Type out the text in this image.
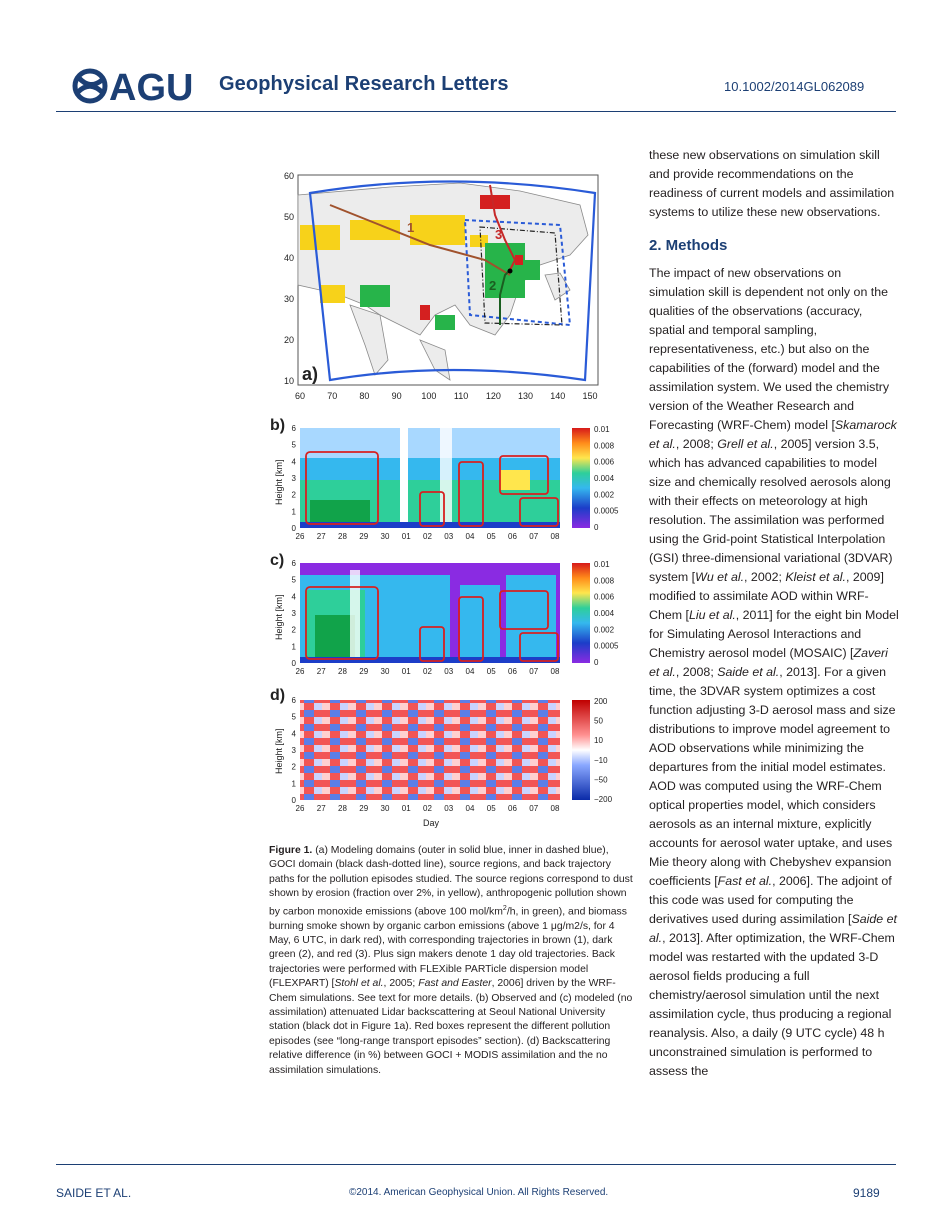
AGU Geophysical Research Letters	10.1002/2014GL062089
1
2
3
a)
60
50
40
30
20
10
60 70 80 90 100 110 120 130 140 150
b)
Height [km]
6
5
4
3
2
1
0
26 27 28 29 30 01 02 03 04 05 06 07 08
0.01
0.008
0.006
0.004
0.002
0.0005
0
c)
Height [km]
6
5
4
3
2
1
0
26 27 28 29 30 01 02 03 04 05 06 07 08
0.01
0.008
0.006
0.004
0.002
0.0005
0
d)
Height [km]
6
5
4
3
2
1
0
26 27 28 29 30 01 02 03 04 05 06 07 08
200
50
10
−10
−50
−200
Day
Figure 1. (a) Modeling domains (outer in solid blue, inner in dashed blue), GOCI domain (black dash-dotted line), source regions, and back trajectory paths for the pollution episodes studied. The source regions correspond to dust shown by erosion (fraction over 2%, in yellow), anthropogenic pollution shown by carbon monoxide emissions (above 100 mol/$km^2/h$, in green), and biomass burning smoke shown by organic carbon emissions (above 1 μg/m2/s, for 4 May, 6 UTC, in dark red), with corresponding trajectories in brown (1), dark green (2), and red (3). Plus sign makers denote 1 day old trajectories. Back trajectories were performed with FLEXible PARTicle dispersion model (FLEXPART) [Stohl et al., 2005; Fast and Easter, 2006] driven by the WRF-Chem simulations. See text for more details. (b) Observed and (c) modeled (no assimilation) attenuated Lidar backscattering at Seoul National University station (black dot in Figure 1a). Red boxes represent the different pollution episodes (see “long-range transport episodes” section). (d) Backscattering relative difference (in %) between GOCI + MODIS assimilation and the no assimilation simulations.

these new observations on simulation skill and provide recommendations on the readiness of current models and assimilation systems to utilize these new observations.

2. Methods

The impact of new observations on simulation skill is dependent not only on the qualities of the observations (accuracy, spatial and temporal sampling, representativeness, etc.) but also on the capabilities of the (forward) model and the assimilation system. We used the chemistry version of the Weather Research and Forecasting (WRF-Chem) model [Skamarock et al., 2008; Grell et al., 2005] version 3.5, which has advanced capabilities to model size and chemically resolved aerosols along with their effects on meteorology at high resolution. The assimilation was performed using the Grid-point Statistical Interpolation (GSI) three-dimensional variational (3DVAR) system [Wu et al., 2002; Kleist et al., 2009] modified to assimilate AOD within WRF-Chem [Liu et al., 2011] for the eight bin Model for Simulating Aerosol Interactions and Chemistry aerosol model (MOSAIC) [Zaveri et al., 2008; Saide et al., 2013]. For a given time, the 3DVAR system optimizes a cost function adjusting 3-D aerosol mass and size distributions to improve model agreement to AOD observations while minimizing the departures from the initial model estimates. AOD was computed using the WRF-Chem optical properties model, which considers aerosols as an internal mixture, explicitly accounts for aerosol water uptake, and uses Mie theory along with Chebyshev expansion coefficients [Fast et al., 2006]. The adjoint of this code was used for computing the derivatives used during assimilation [Saide et al., 2013]. After optimization, the WRF-Chem model was restarted with the updated 3-D aerosol fields producing a full chemistry/aerosol simulation until the next assimilation cycle, thus producing a regional reanalysis. Also, a daily (9 UTC cycle) 48 h unconstrained simulation is performed to assess the

SAIDE ET AL.	©2014. American Geophysical Union. All Rights Reserved.	9189
